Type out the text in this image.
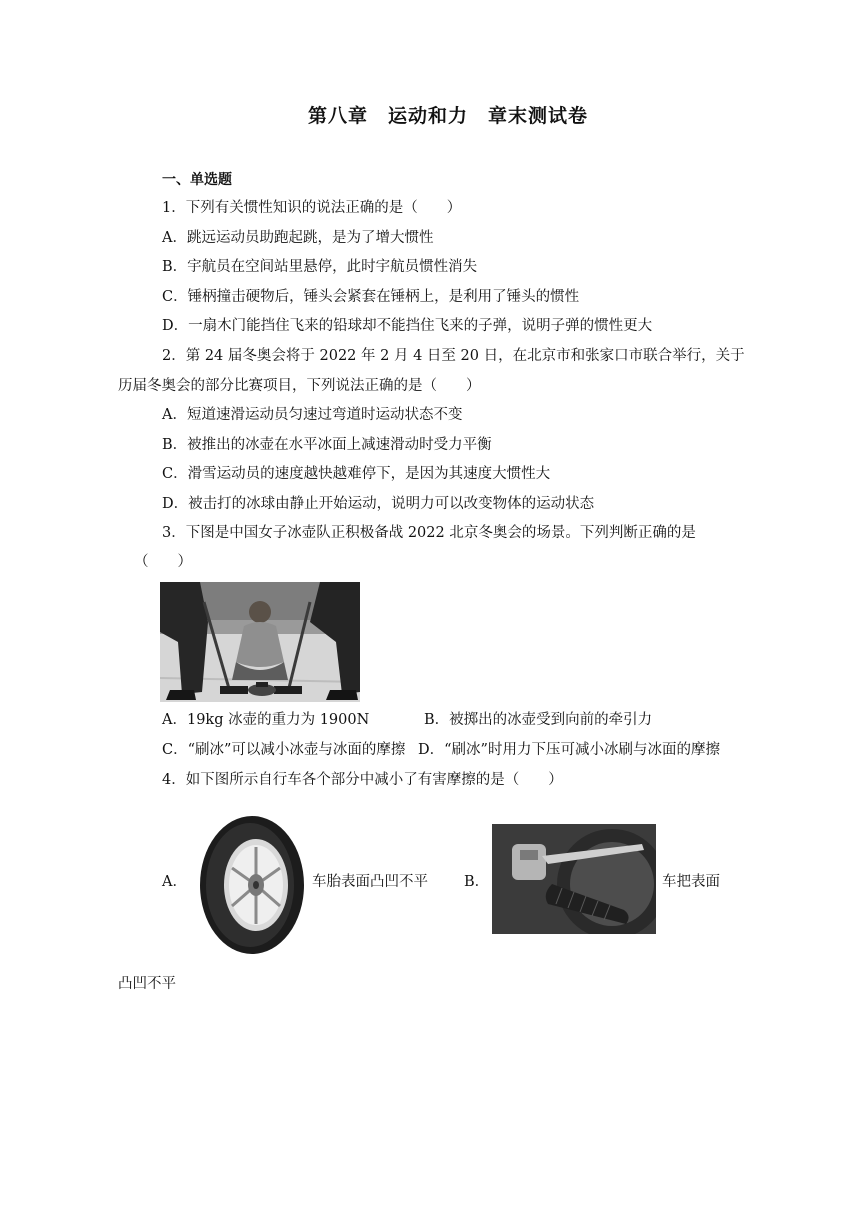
第八章　运动和力　章末测试卷
一、单选题
1．下列有关惯性知识的说法正确的是（　　）
A．跳远运动员助跑起跳，是为了增大惯性
B．宇航员在空间站里悬停，此时宇航员惯性消失
C．锤柄撞击硬物后，锤头会紧套在锤柄上，是利用了锤头的惯性
D．一扇木门能挡住飞来的铅球却不能挡住飞来的子弹，说明子弹的惯性更大
2．第 24 届冬奥会将于 2022 年 2 月 4 日至 20 日，在北京市和张家口市联合举行，关于
历届冬奥会的部分比赛项目，下列说法正确的是（　　）
A．短道速滑运动员匀速过弯道时运动状态不变
B．被推出的冰壶在水平冰面上减速滑动时受力平衡
C．滑雪运动员的速度越快越难停下，是因为其速度大惯性大
D．被击打的冰球由静止开始运动，说明力可以改变物体的运动状态
3．下图是中国女子冰壶队正积极备战 2022 北京冬奥会的场景。下列判断正确的是
（　　）
A．19kg 冰壶的重力为 1900N	B．被掷出的冰壶受到向前的牵引力
C．“刷冰”可以减小冰壶与冰面的摩擦 D．“刷冰”时用力下压可减小冰刷与冰面的摩擦
4．如下图所示自行车各个部分中减小了有害摩擦的是（　　）
A．	车胎表面凸凹不平 B．	车把表面
凸凹不平
